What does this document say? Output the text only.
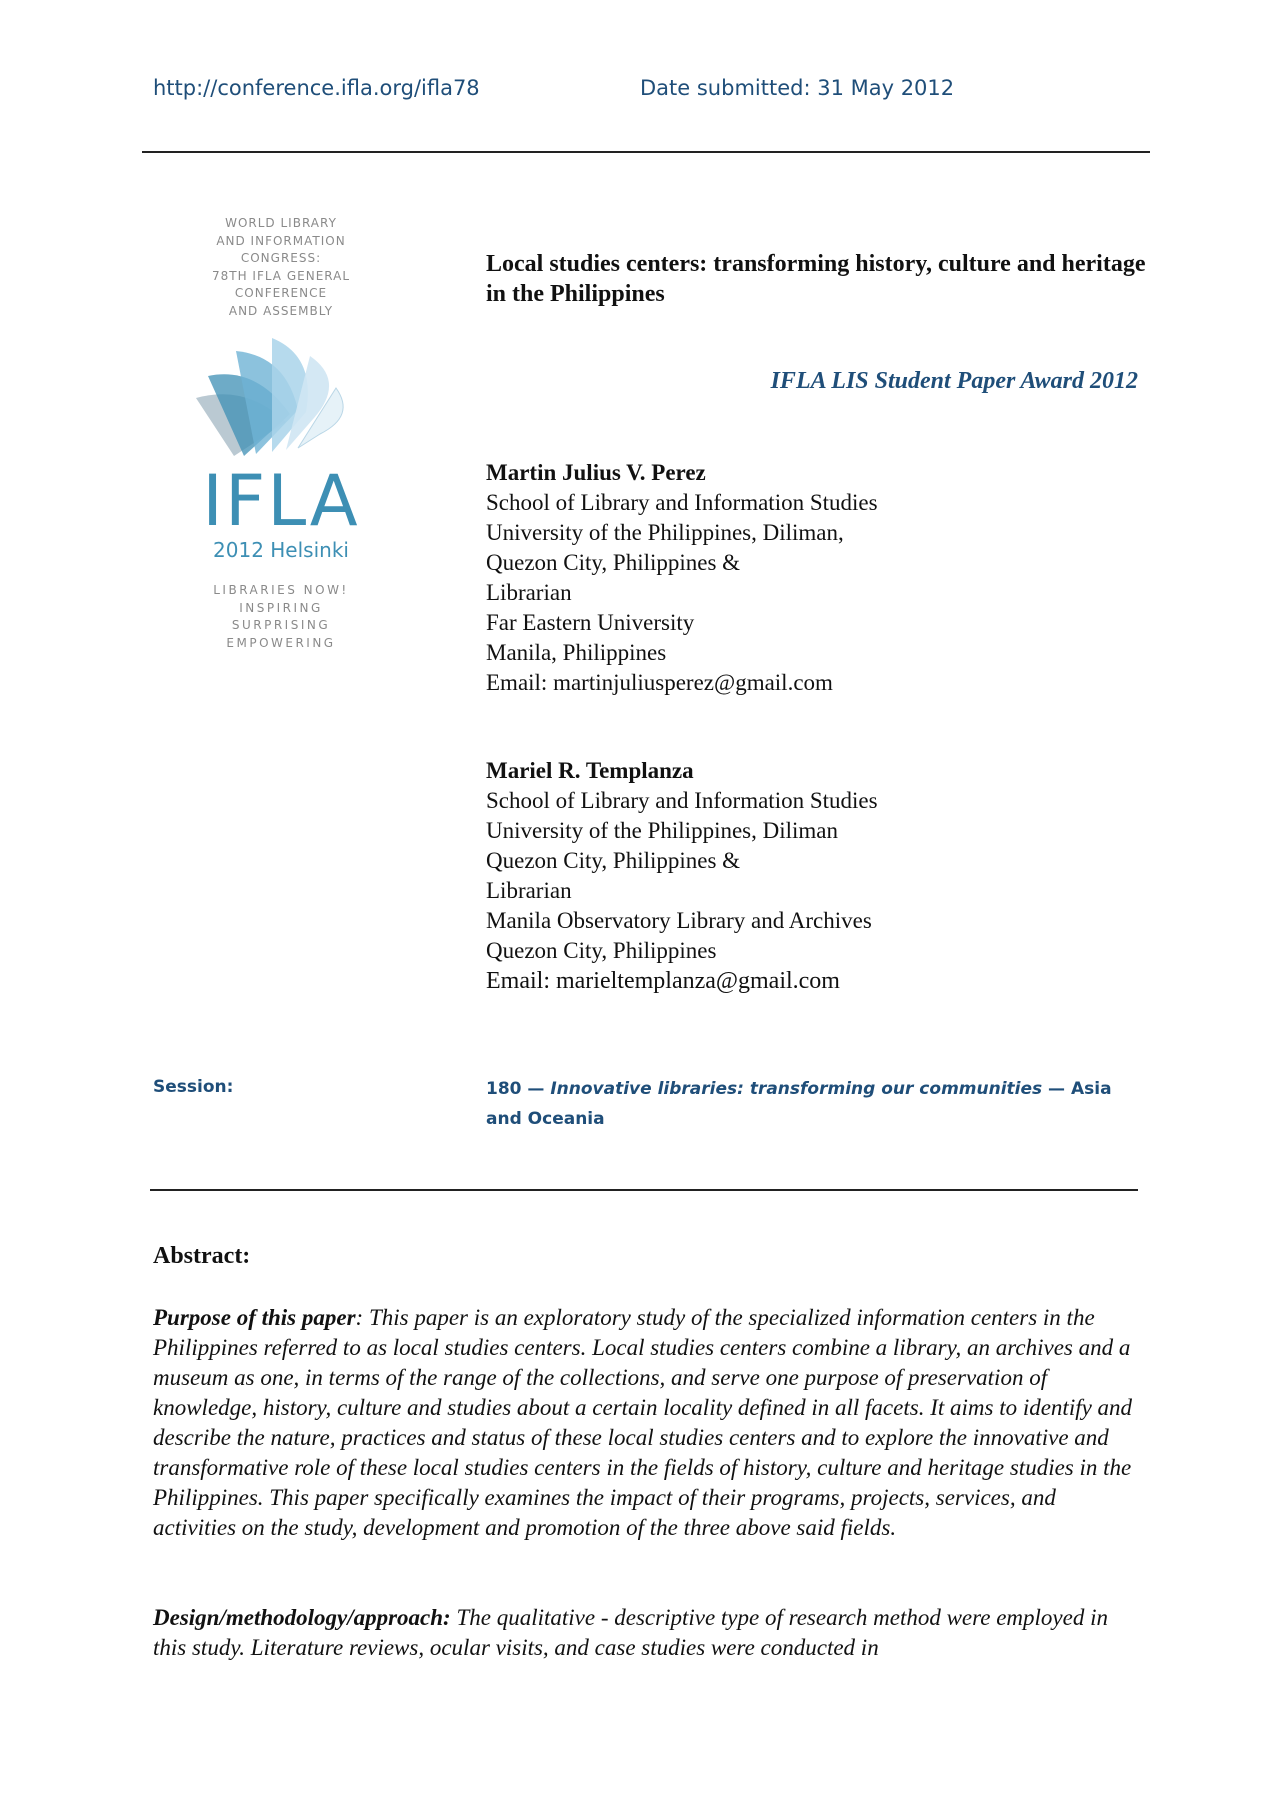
http://conference.ifla.org/ifla78	Date submitted: 31 May 2012
WORLD LIBRARY
AND INFORMATION
CONGRESS:
78TH IFLA GENERAL
CONFERENCE
AND ASSEMBLY
IFLA
2012 Helsinki
LIBRARIES NOW!
INSPIRING
SURPRISING
EMPOWERING
Local studies centers: transforming history, culture and heritage in the Philippines
IFLA LIS Student Paper Award 2012
Martin Julius V. Perez
School of Library and Information Studies
University of the Philippines, Diliman,
Quezon City, Philippines &
Librarian
Far Eastern University
Manila, Philippines
Email: martinjuliusperez@gmail.com
Mariel R. Templanza
School of Library and Information Studies
University of the Philippines, Diliman
Quezon City, Philippines &
Librarian
Manila Observatory Library and Archives
Quezon City, Philippines
Email: marieltemplanza@gmail.com
Session:	180 — Innovative libraries: transforming our communities — Asia and Oceania
Abstract:
Purpose of this paper: This paper is an exploratory study of the specialized information centers in the Philippines referred to as local studies centers. Local studies centers combine a library, an archives and a museum as one, in terms of the range of the collections, and serve one purpose of preservation of knowledge, history, culture and studies about a certain locality defined in all facets. It aims to identify and describe the nature, practices and status of these local studies centers and to explore the innovative and transformative role of these local studies centers in the fields of history, culture and heritage studies in the Philippines. This paper specifically examines the impact of their programs, projects, services, and activities on the study, development and promotion of the three above said fields.
Design/methodology/approach: The qualitative - descriptive type of research method were employed in this study. Literature reviews, ocular visits, and case studies were conducted in
